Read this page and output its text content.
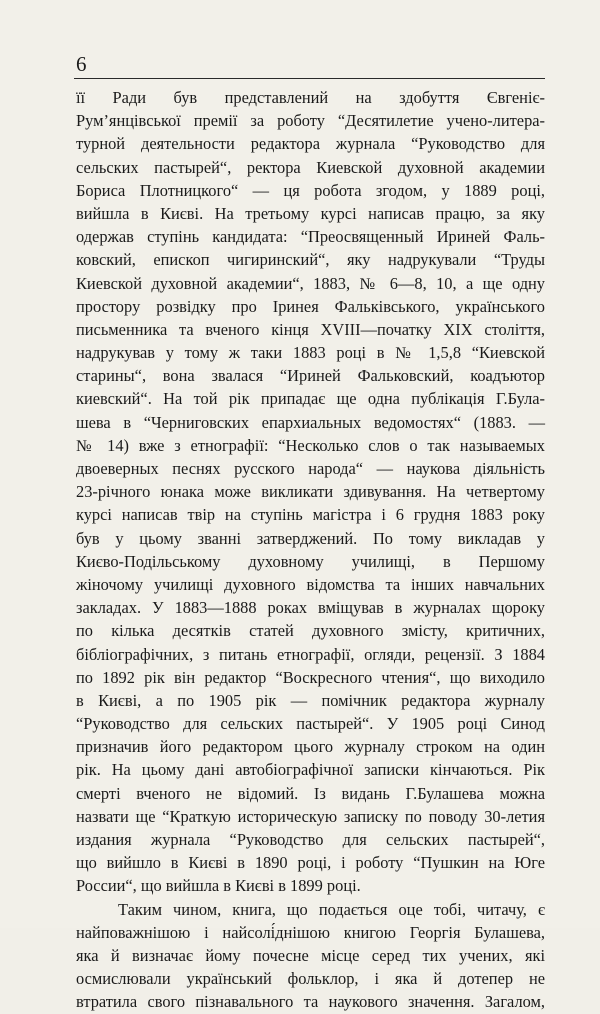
6
її Ради був представлений на здобуття Євгеніє-
Рум’янцівської премії за роботу “Десятилетие учено-литера-
турной деятельности редактора журнала “Руководство для
сельских пастырей“, ректора Киевской духовной академии
Бориса Плотницкого“ — ця робота згодом, у 1889 році,
вийшла в Києві. На третьому курсі написав працю, за яку
одержав ступінь кандидата: “Преосвященный Ириней Фаль-
ковский, епископ чигиринский“, яку надрукували “Труды
Киевской духовной академии“, 1883, № 6—8, 10, а ще одну
просторy розвідку про Іринея Фальківського, українського
письменника та вченого кінця XVIII—початку XIX століття,
надрукував у тому ж таки 1883 році в № 1,5,8 “Киевской
старины“, вона звалася “Ириней Фальковский, коадъютор
киевский“. На той рік припадає ще одна публікація Г.Була-
шева в “Черниговских епархиальных ведомостях“ (1883. —
№ 14) вже з етнографії: “Несколько слов о так называемых
двоеверных песнях русского народа“ — наукова діяльність
23-річного юнака може викликати здивування. На четвертому
курсі написав твір на ступінь магістра і 6 грудня 1883 року
був у цьому званні затверджений. По тому викладав у
Києво-Подільському духовному училищі, в Першому
жіночому училищі духовного відомства та інших навчальних
закладах. У 1883—1888 роках вміщував в журналах щороку
по кілька десятків статей духовного змісту, критичних,
бібліографічних, з питань етнографії, огляди, рецензії. З 1884
по 1892 рік він редактор “Воскресного чтения“, що виходило
в Києві, а по 1905 рік — помічник редактора журналу
“Руководство для сельских пастырей“. У 1905 році Синод
призначив його редактором цього журналу строком на один
рік. На цьому дані автобіографічної записки кінчаються. Рік
смерті вченого не відомий. Із видань Г.Булашева можна
назвати ще “Краткую историческую записку по поводу 30-летия
издания журнала “Руководство для сельских пастырей“,
що вийшло в Києві в 1890 році, і роботу “Пушкин на Юге
России“, що вийшла в Києві в 1899 році.
Таким чином, книга, що подається оце тобі, читачу, є
найповажнішою і найсолі́днішою книгою Георгія Булашева,
яка й визначає йому почесне місце серед тих учених, які
осмислювали український фольклор, і яка й дотепер не
втратила свого пізнавального та наукового значення. Загалом,
